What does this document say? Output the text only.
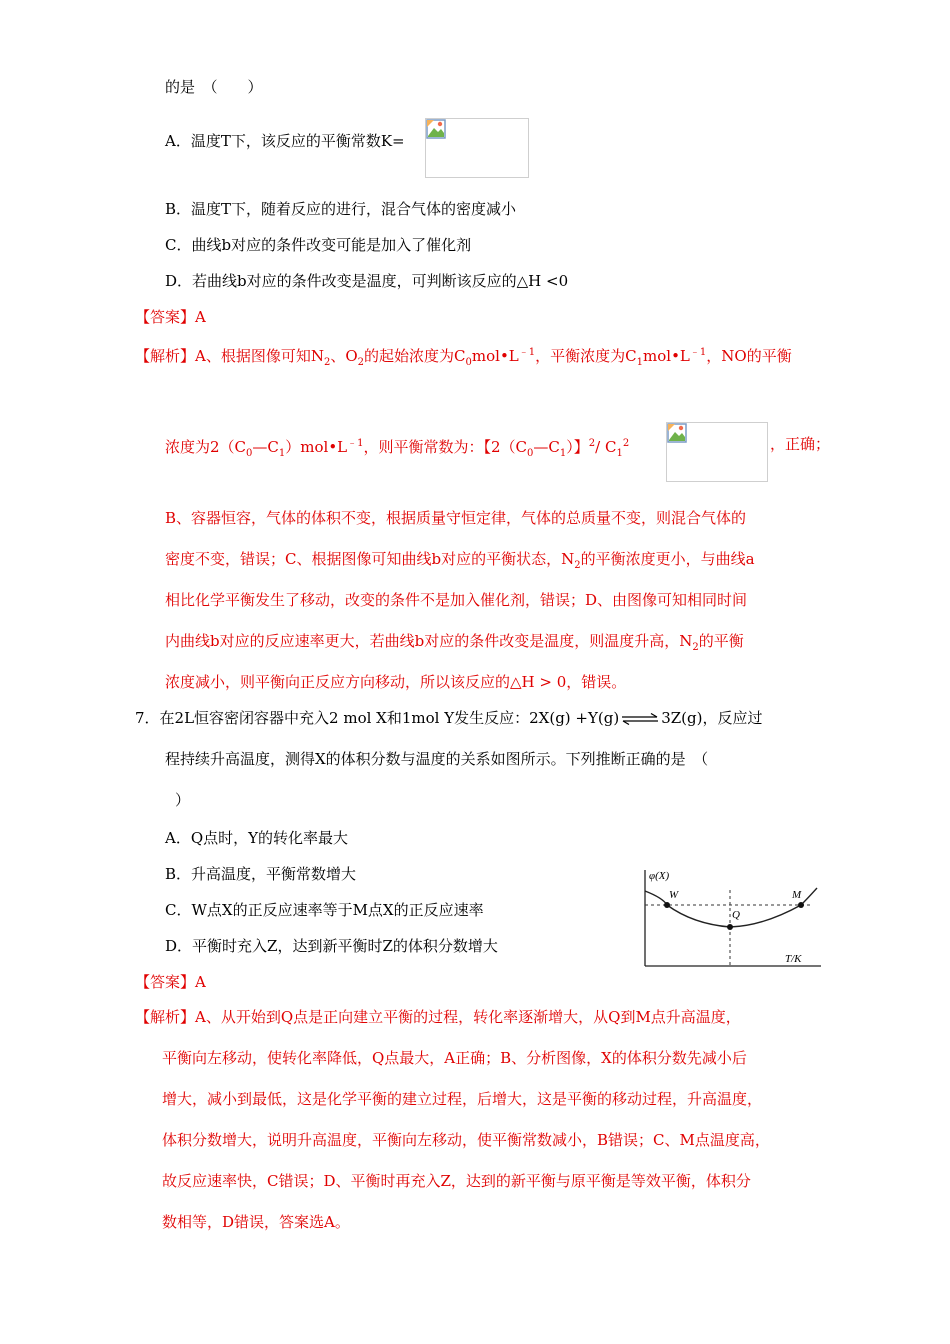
的是　（　　）
A．温度T下，该反应的平衡常数K=
B．温度T下，随着反应的进行，混合气体的密度减小
C．曲线b对应的条件改变可能是加入了催化剂
D．若曲线b对应的条件改变是温度，可判断该反应的△H <0
【答案】A
【解析】A、根据图像可知$N_2$、$O_2$的起始浓度为$C_0mol•L^{﹣1}$，平衡浓度为$C_1mol•L^{﹣1}$，NO的平衡
浓度为$2(C_0—C_1)mol•L^{﹣1}$，则平衡常数为：【$2(C_0—C_1)$】$^2$/ $C_1^2$	，正确；
B、容器恒容，气体的体积不变，根据质量守恒定律，气体的总质量不变，则混合气体的
密度不变，错误；C、根据图像可知曲线b对应的平衡状态，$N_2$的平衡浓度更小，与曲线a
相比化学平衡发生了移动，改变的条件不是加入催化剂，错误；D、由图像可知相同时间
内曲线b对应的反应速率更大，若曲线b对应的条件改变是温度，则温度升高，$N_2$的平衡
浓度减小，则平衡向正反应方向移动，所以该反应的△H > 0，错误。
7．在2L恒容密闭容器中充入2 mol X和1mol Y发生反应：2X(g) +Y(g) ⇌ 3Z(g)，反应过
程持续升高温度，测得X的体积分数与温度的关系如图所示。下列推断正确的是　（
）
A．Q点时，Y的转化率最大
B．升高温度，平衡常数增大
C．W点X的正反应速率等于M点X的正反应速率
D．平衡时充入Z，达到新平衡时Z的体积分数增大
φ(X)
T/K
W
Q
M
【答案】A
【解析】A、从开始到Q点是正向建立平衡的过程，转化率逐渐增大，从Q到M点升高温度，
平衡向左移动，使转化率降低，Q点最大，A正确；B、分析图像，X的体积分数先减小后
增大，减小到最低，这是化学平衡的建立过程，后增大，这是平衡的移动过程，升高温度，
体积分数增大，说明升高温度，平衡向左移动，使平衡常数减小，B错误；C、M点温度高，
故反应速率快，C错误；D、平衡时再充入Z，达到的新平衡与原平衡是等效平衡，体积分
数相等，D错误，答案选A。
